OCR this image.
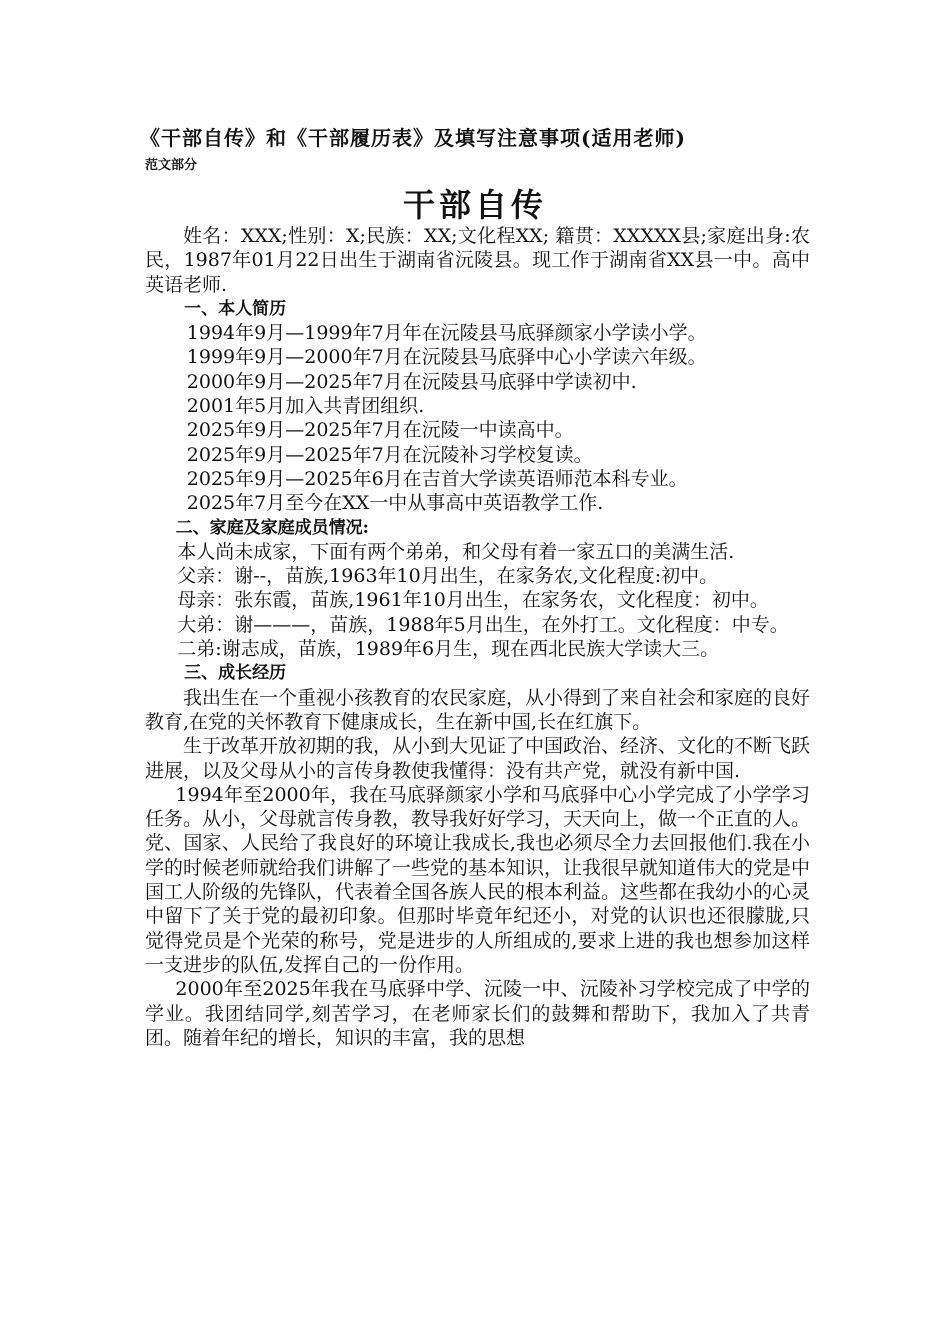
《干部自传》和《干部履历表》及填写注意事项(适用老师)
范文部分
干部自传

姓名：XXX;性别：X;民族：XX;文化程XX; 籍贯：XXXXX县;家庭出身:农民，1987年01月22日出生于湖南省沅陵县。现工作于湖南省XX县一中。高中英语老师.

一、本人简历

1994年9月—1999年7月年在沅陵县马底驿颜家小学读小学。

1999年9月—2000年7月在沅陵县马底驿中心小学读六年级。

2000年9月—2025年7月在沅陵县马底驿中学读初中.

2001年5月加入共青团组织.

2025年9月—2025年7月在沅陵一中读高中。

2025年9月—2025年7月在沅陵补习学校复读。

2025年9月—2025年6月在吉首大学读英语师范本科专业。

2025年7月至今在XX一中从事高中英语教学工作.

二、家庭及家庭成员情况:

本人尚未成家，下面有两个弟弟，和父母有着一家五口的美满生活.

父亲：谢--，苗族,1963年10月出生，在家务农,文化程度:初中。

母亲：张东霞，苗族,1961年10月出生，在家务农，文化程度：初中。

大弟：谢———，苗族，1988年5月出生，在外打工。文化程度：中专。

二弟:谢志成，苗族，1989年6月生，现在西北民族大学读大三。

三、成长经历

我出生在一个重视小孩教育的农民家庭，从小得到了来自社会和家庭的良好教育,在党的关怀教育下健康成长，生在新中国,长在红旗下。

生于改革开放初期的我，从小到大见证了中国政治、经济、文化的不断飞跃进展，以及父母从小的言传身教使我懂得：没有共产党，就没有新中国.

1994年至2000年，我在马底驿颜家小学和马底驿中心小学完成了小学学习任务。从小，父母就言传身教，教导我好好学习，天天向上，做一个正直的人。党、国家、人民给了我良好的环境让我成长,我也必须尽全力去回报他们.我在小学的时候老师就给我们讲解了一些党的基本知识，让我很早就知道伟大的党是中国工人阶级的先锋队，代表着全国各族人民的根本利益。这些都在我幼小的心灵中留下了关于党的最初印象。但那时毕竟年纪还小，对党的认识也还很朦胧,只觉得党员是个光荣的称号，党是进步的人所组成的,要求上进的我也想参加这样一支进步的队伍,发挥自己的一份作用。

2000年至2025年我在马底驿中学、沅陵一中、沅陵补习学校完成了中学的学业。我团结同学,刻苦学习，在老师家长们的鼓舞和帮助下，我加入了共青团。随着年纪的增长，知识的丰富，我的思想
